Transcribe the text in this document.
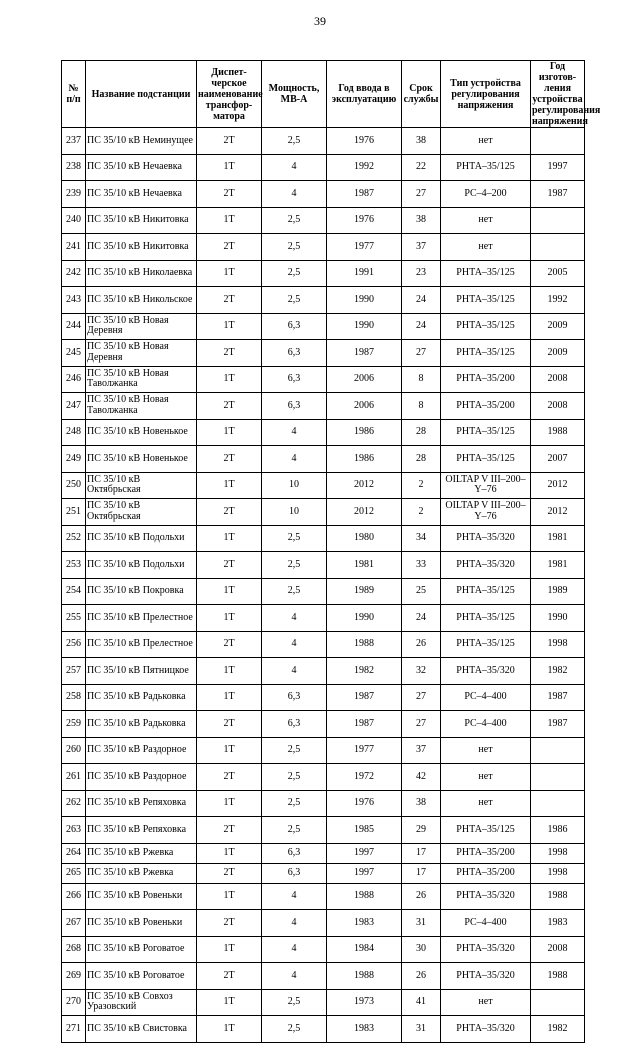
39
№ п/п	Название подстанции	Диспет-черское наименование трансфор-матора	Мощность, МВ-А	Год ввода в эксплуатацию	Срок службы	Тип устройства регулирования напряжения	Год изготов-ления устройства регулирования напряжения
237	ПС 35/10 кВ Неминущее	2Т	2,5	1976	38	нет	
238	ПС 35/10 кВ Нечаевка	1Т	4	1992	22	РНТА–35/125	1997
239	ПС 35/10 кВ Нечаевка	2Т	4	1987	27	РС–4–200	1987
240	ПС 35/10 кВ Никитовка	1Т	2,5	1976	38	нет	
241	ПС 35/10 кВ Никитовка	2Т	2,5	1977	37	нет	
242	ПС 35/10 кВ Николаевка	1Т	2,5	1991	23	РНТА–35/125	2005
243	ПС 35/10 кВ Никольское	2Т	2,5	1990	24	РНТА–35/125	1992
244	ПС 35/10 кВ Новая Деревня	1Т	6,3	1990	24	РНТА–35/125	2009
245	ПС 35/10 кВ Новая Деревня	2Т	6,3	1987	27	РНТА–35/125	2009
246	ПС 35/10 кВ Новая Таволжанка	1Т	6,3	2006	8	РНТА–35/200	2008
247	ПС 35/10 кВ Новая Таволжанка	2Т	6,3	2006	8	РНТА–35/200	2008
248	ПС 35/10 кВ Новенькое	1Т	4	1986	28	РНТА–35/125	1988
249	ПС 35/10 кВ Новенькое	2Т	4	1986	28	РНТА–35/125	2007
250	ПС 35/10 кВ Октябрьская	1Т	10	2012	2	OILTAP V III–200–Y–76	2012
251	ПС 35/10 кВ Октябрьская	2Т	10	2012	2	OILTAP V III–200–Y–76	2012
252	ПС 35/10 кВ Подольхи	1Т	2,5	1980	34	РНТА–35/320	1981
253	ПС 35/10 кВ Подольхи	2Т	2,5	1981	33	РНТА–35/320	1981
254	ПС 35/10 кВ Покровка	1Т	2,5	1989	25	РНТА–35/125	1989
255	ПС 35/10 кВ Прелестное	1Т	4	1990	24	РНТА–35/125	1990
256	ПС 35/10 кВ Прелестное	2Т	4	1988	26	РНТА–35/125	1998
257	ПС 35/10 кВ Пятницкое	1Т	4	1982	32	РНТА–35/320	1982
258	ПС 35/10 кВ Радьковка	1Т	6,3	1987	27	РС–4–400	1987
259	ПС 35/10 кВ Радьковка	2Т	6,3	1987	27	РС–4–400	1987
260	ПС 35/10 кВ Раздорное	1Т	2,5	1977	37	нет	
261	ПС 35/10 кВ Раздорное	2Т	2,5	1972	42	нет	
262	ПС 35/10 кВ Репяховка	1Т	2,5	1976	38	нет	
263	ПС 35/10 кВ Репяховка	2Т	2,5	1985	29	РНТА–35/125	1986
264	ПС 35/10 кВ Ржевка	1Т	6,3	1997	17	РНТА–35/200	1998
265	ПС 35/10 кВ Ржевка	2Т	6,3	1997	17	РНТА–35/200	1998
266	ПС 35/10 кВ Ровеньки	1Т	4	1988	26	РНТА–35/320	1988
267	ПС 35/10 кВ Ровеньки	2Т	4	1983	31	РС–4–400	1983
268	ПС 35/10 кВ Роговатое	1Т	4	1984	30	РНТА–35/320	2008
269	ПС 35/10 кВ Роговатое	2Т	4	1988	26	РНТА–35/320	1988
270	ПС 35/10 кВ Совхоз Уразовский	1Т	2,5	1973	41	нет	
271	ПС 35/10 кВ Свистовка	1Т	2,5	1983	31	РНТА–35/320	1982
